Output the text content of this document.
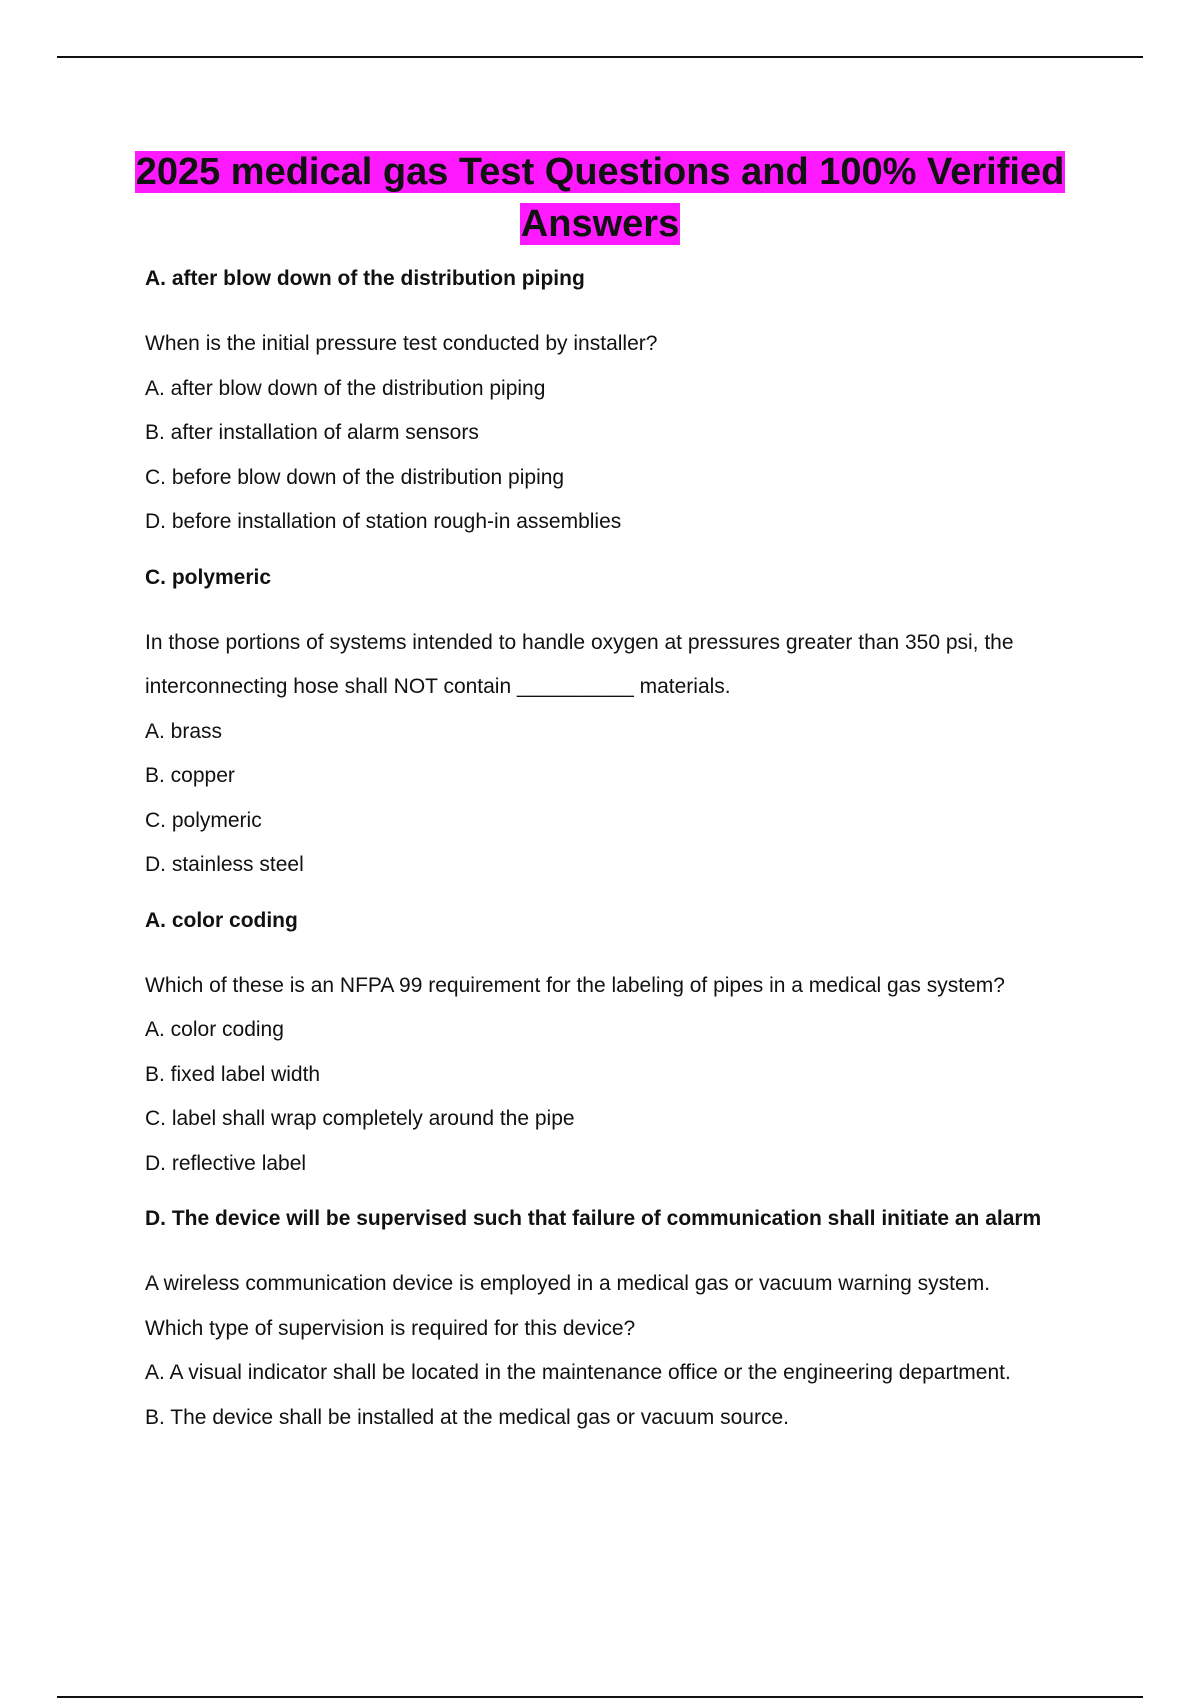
2025 medical gas Test Questions and 100% Verified
Answers
A. after blow down of the distribution piping
When is the initial pressure test conducted by installer?
A. after blow down of the distribution piping
B. after installation of alarm sensors
C. before blow down of the distribution piping
D. before installation of station rough-in assemblies
C. polymeric
In those portions of systems intended to handle oxygen at pressures greater than 350 psi, the
interconnecting hose shall NOT contain __________ materials.
A. brass
B. copper
C. polymeric
D. stainless steel
A. color coding
Which of these is an NFPA 99 requirement for the labeling of pipes in a medical gas system?
A. color coding
B. fixed label width
C. label shall wrap completely around the pipe
D. reflective label
D. The device will be supervised such that failure of communication shall initiate an alarm
A wireless communication device is employed in a medical gas or vacuum warning system.
Which type of supervision is required for this device?
A. A visual indicator shall be located in the maintenance office or the engineering department.
B. The device shall be installed at the medical gas or vacuum source.
